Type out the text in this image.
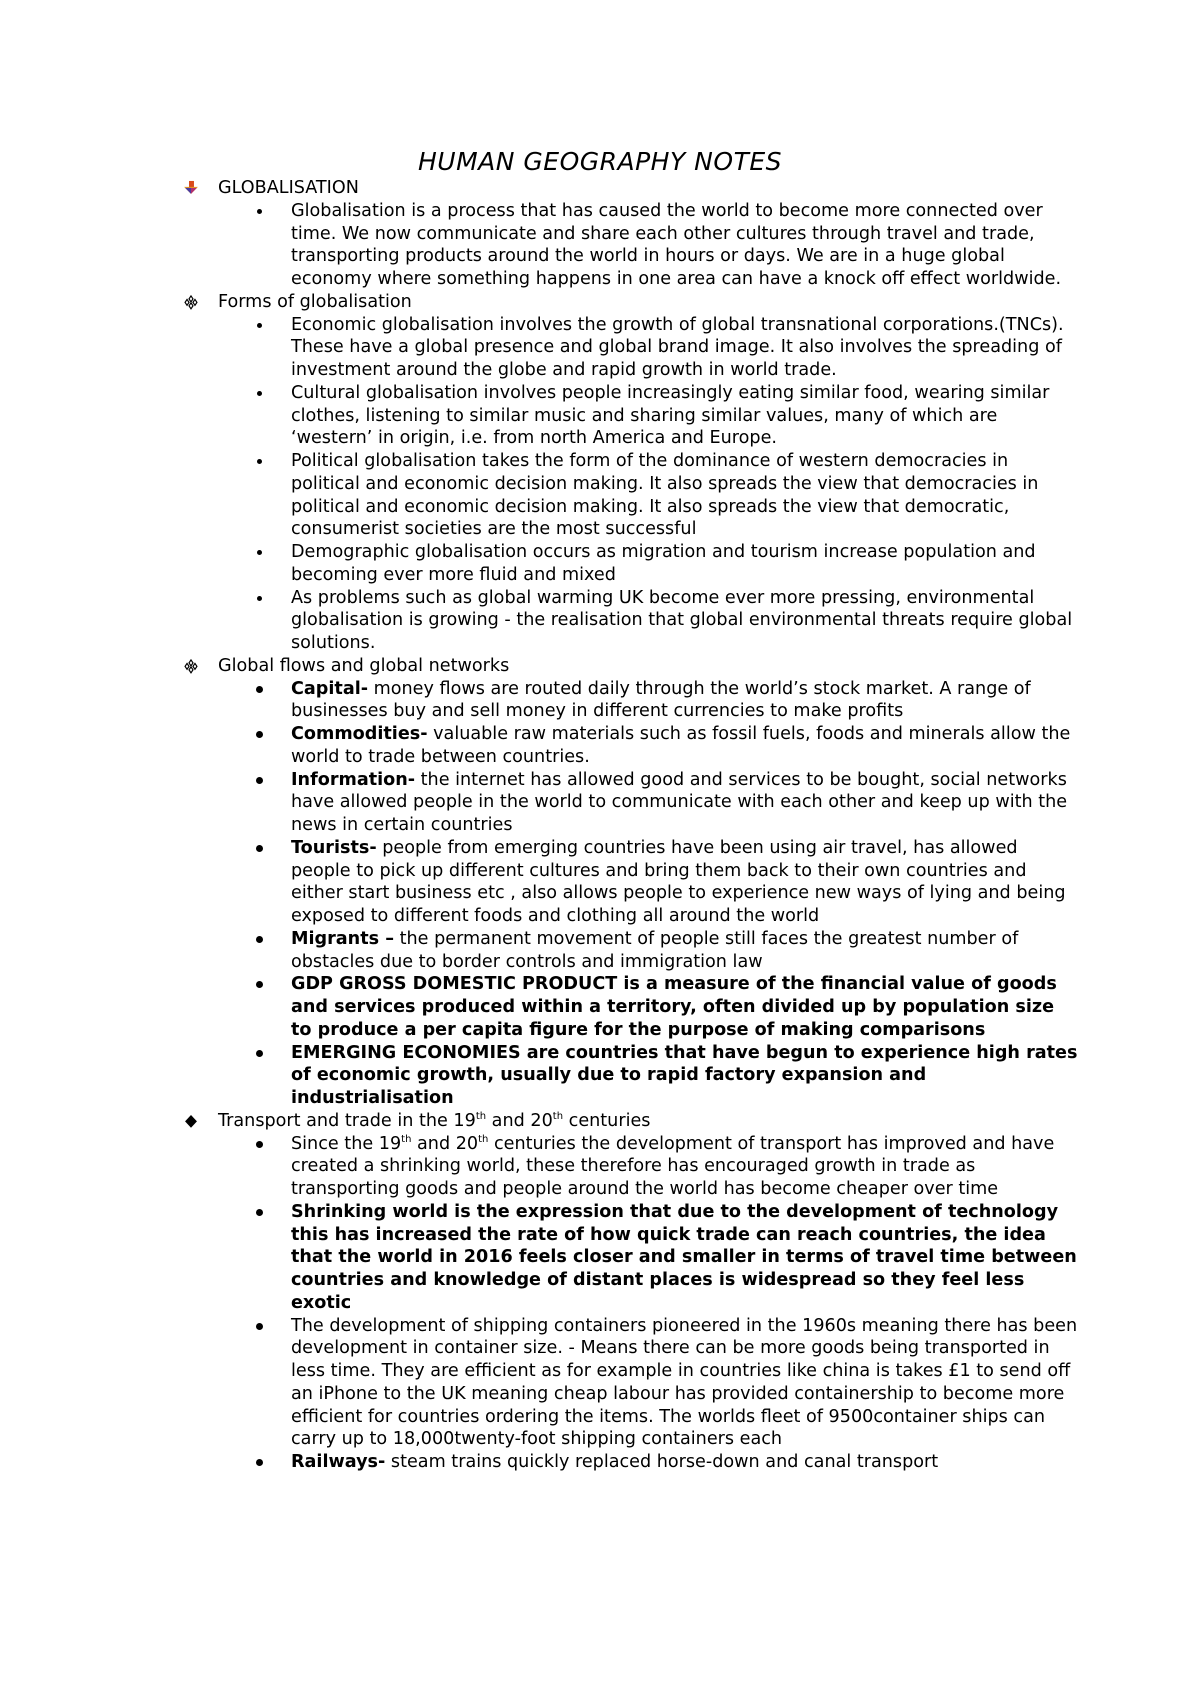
HUMAN GEOGRAPHY NOTES
GLOBALISATION
Globalisation is a process that has caused the world to become more connected over time. We now communicate and share each other cultures through travel and trade, transporting products around the world in hours or days. We are in a huge global economy where something happens in one area can have a knock off effect worldwide.
Forms of globalisation
Economic globalisation involves the growth of global transnational corporations.(TNCs). These have a global presence and global brand image. It also involves the spreading of investment around the globe and rapid growth in world trade.
Cultural globalisation involves people increasingly eating similar food, wearing similar clothes, listening to similar music and sharing similar values, many of which are ‘western’ in origin, i.e. from north America and Europe.
Political globalisation takes the form of the dominance of western democracies in political and economic decision making. It also spreads the view that democracies in political and economic decision making. It also spreads the view that democratic, consumerist societies are the most successful
Demographic globalisation occurs as migration and tourism increase population and becoming ever more fluid and mixed
As problems such as global warming UK become ever more pressing, environmental globalisation is growing - the realisation that global environmental threats require global solutions.
Global flows and global networks
Capital- money flows are routed daily through the world’s stock market. A range of businesses buy and sell money in different currencies to make profits
Commodities- valuable raw materials such as fossil fuels, foods and minerals allow the world to trade between countries.
Information- the internet has allowed good and services to be bought, social networks have allowed people in the world to communicate with each other and keep up with the news in certain countries
Tourists- people from emerging countries have been using air travel, has allowed people to pick up different cultures and bring them back to their own countries and either start business etc , also allows people to experience new ways of lying and being exposed to different foods and clothing all around the world
Migrants – the permanent movement of people still faces the greatest number of obstacles due to border controls and immigration law
GDP GROSS DOMESTIC PRODUCT is a measure of the financial value of goods and services produced within a territory, often divided up by population size to produce a per capita figure for the purpose of making comparisons
EMERGING ECONOMIES are countries that have begun to experience high rates of economic growth, usually due to rapid factory expansion and industrialisation
Transport and trade in the 19th and 20th centuries
Since the 19th and 20th centuries the development of transport has improved and have created a shrinking world, these therefore has encouraged growth in trade as transporting goods and people around the world has become cheaper over time
Shrinking world is the expression that due to the development of technology this has increased the rate of how quick trade can reach countries, the idea that the world in 2016 feels closer and smaller in terms of travel time between countries and knowledge of distant places is widespread so they feel less exotic
The development of shipping containers pioneered in the 1960s meaning there has been development in container size. - Means there can be more goods being transported in less time. They are efficient as for example in countries like china is takes £1 to send off an iPhone to the UK meaning cheap labour has provided containership to become more efficient for countries ordering the items. The worlds fleet of 9500container ships can carry up to 18,000twenty-foot shipping containers each
Railways- steam trains quickly replaced horse-down and canal transport
